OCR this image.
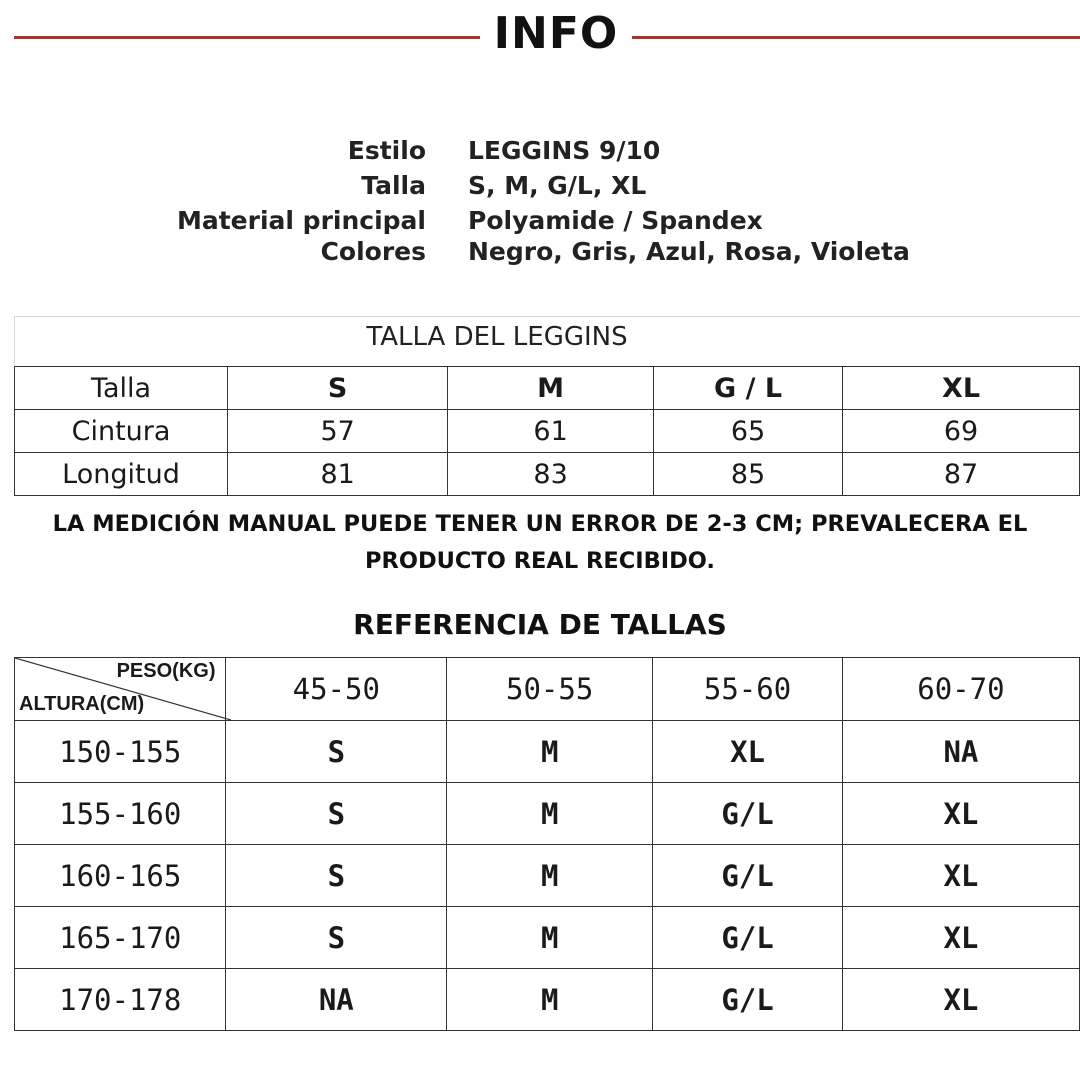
INFO
Estilo LEGGINS 9/10
Talla S, M, G/L, XL
Material principal Polyamide / Spandex
Colores Negro, Gris, Azul, Rosa, Violeta
TALLA DEL LEGGINS
Talla	S	M	G / L	XL
Cintura	57	61	65	69
Longitud	81	83	85	87
LA MEDICIÓN MANUAL PUEDE TENER UN ERROR DE 2-3 CM; PREVALECERA EL
PRODUCTO REAL RECIBIDO.
REFERENCIA DE TALLAS
PESO(KG)
ALTURA(CM)	45-50	50-55	55-60	60-70
150-155	S	M	XL	NA
155-160	S	M	G/L	XL
160-165	S	M	G/L	XL
165-170	S	M	G/L	XL
170-178	NA	M	G/L	XL
